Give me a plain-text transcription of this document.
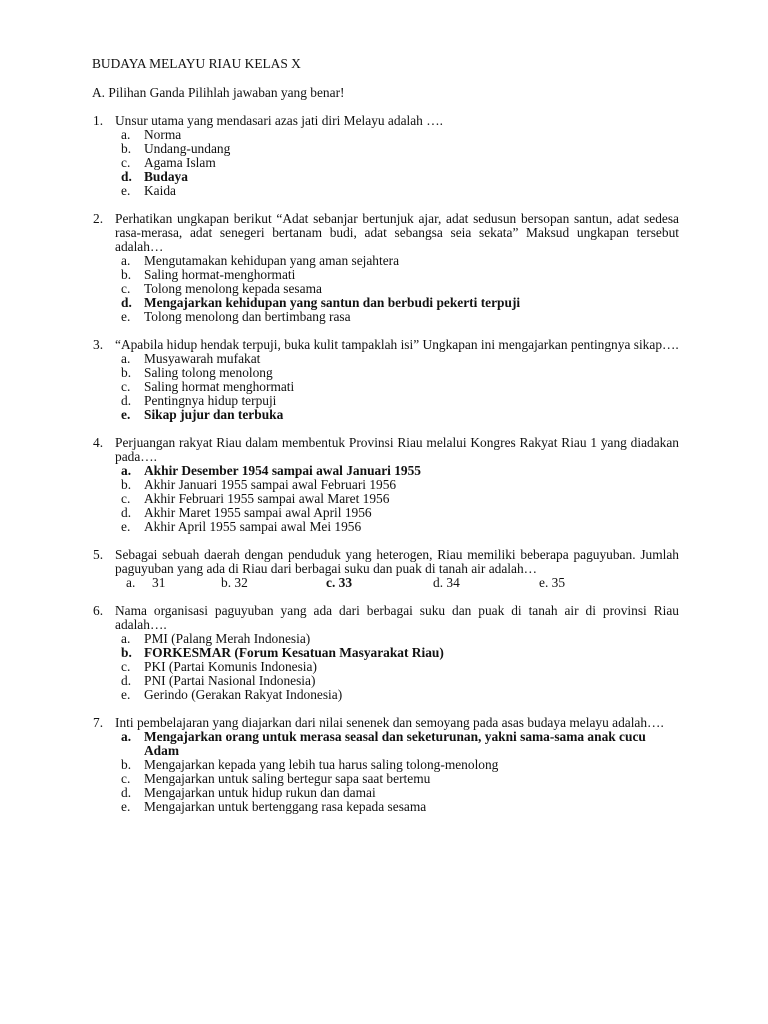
BUDAYA MELAYU RIAU KELAS X
A. Pilihan Ganda Pilihlah jawaban yang benar!
1. Unsur utama yang mendasari azas jati diri Melayu adalah ….
a.	Norma
b. Undang-undang
c.	Agama Islam
d. Budaya
e.	Kaida
2. Perhatikan ungkapan berikut “Adat sebanjar bertunjuk ajar, adat sedusun bersopan santun, adat sedesa rasa-merasa, adat senegeri bertanam budi, adat sebangsa seia sekata” Maksud ungkapan tersebut adalah…
a.	Mengutamakan kehidupan yang aman sejahtera
b. Saling hormat-menghormati
c.	Tolong menolong kepada sesama
d. Mengajarkan kehidupan yang santun dan berbudi pekerti terpuji
e.	Tolong menolong dan bertimbang rasa
3. “Apabila hidup hendak terpuji, buka kulit tampaklah isi” Ungkapan ini mengajarkan pentingnya sikap….
a.	Musyawarah mufakat
b. Saling tolong menolong
c.	Saling hormat menghormati
d. Pentingnya hidup terpuji
e.	Sikap jujur dan terbuka
4. Perjuangan rakyat Riau dalam membentuk Provinsi Riau melalui Kongres Rakyat Riau 1 yang diadakan pada….
a. Akhir Desember 1954 sampai awal Januari 1955
b. Akhir Januari 1955 sampai awal Februari 1956
c.	Akhir Februari 1955 sampai awal Maret 1956
d. Akhir Maret 1955 sampai awal April 1956
e.	Akhir April 1955 sampai awal Mei 1956
5. Sebagai sebuah daerah dengan penduduk yang heterogen, Riau memiliki beberapa paguyuban. Jumlah paguyuban yang ada di Riau dari berbagai suku dan puak di tanah air adalah…
a. 31	b. 32	c. 33	d. 34	e. 35
6. Nama organisasi paguyuban yang ada dari berbagai suku dan puak di tanah air di provinsi Riau adalah….
a.	PMI (Palang Merah Indonesia)
b. FORKESMAR (Forum Kesatuan Masyarakat Riau)
c.	PKI (Partai Komunis Indonesia)
d. PNI (Partai Nasional Indonesia)
e.	Gerindo (Gerakan Rakyat Indonesia)
7. Inti pembelajaran yang diajarkan dari nilai senenek dan semoyang pada asas budaya melayu adalah….
a. Mengajarkan orang untuk merasa seasal dan seketurunan, yakni sama-sama anak cucu Adam
b. Mengajarkan kepada yang lebih tua harus saling tolong-menolong
c.	Mengajarkan untuk saling bertegur sapa saat bertemu
d. Mengajarkan untuk hidup rukun dan damai
e.	Mengajarkan untuk bertenggang rasa kepada sesama
